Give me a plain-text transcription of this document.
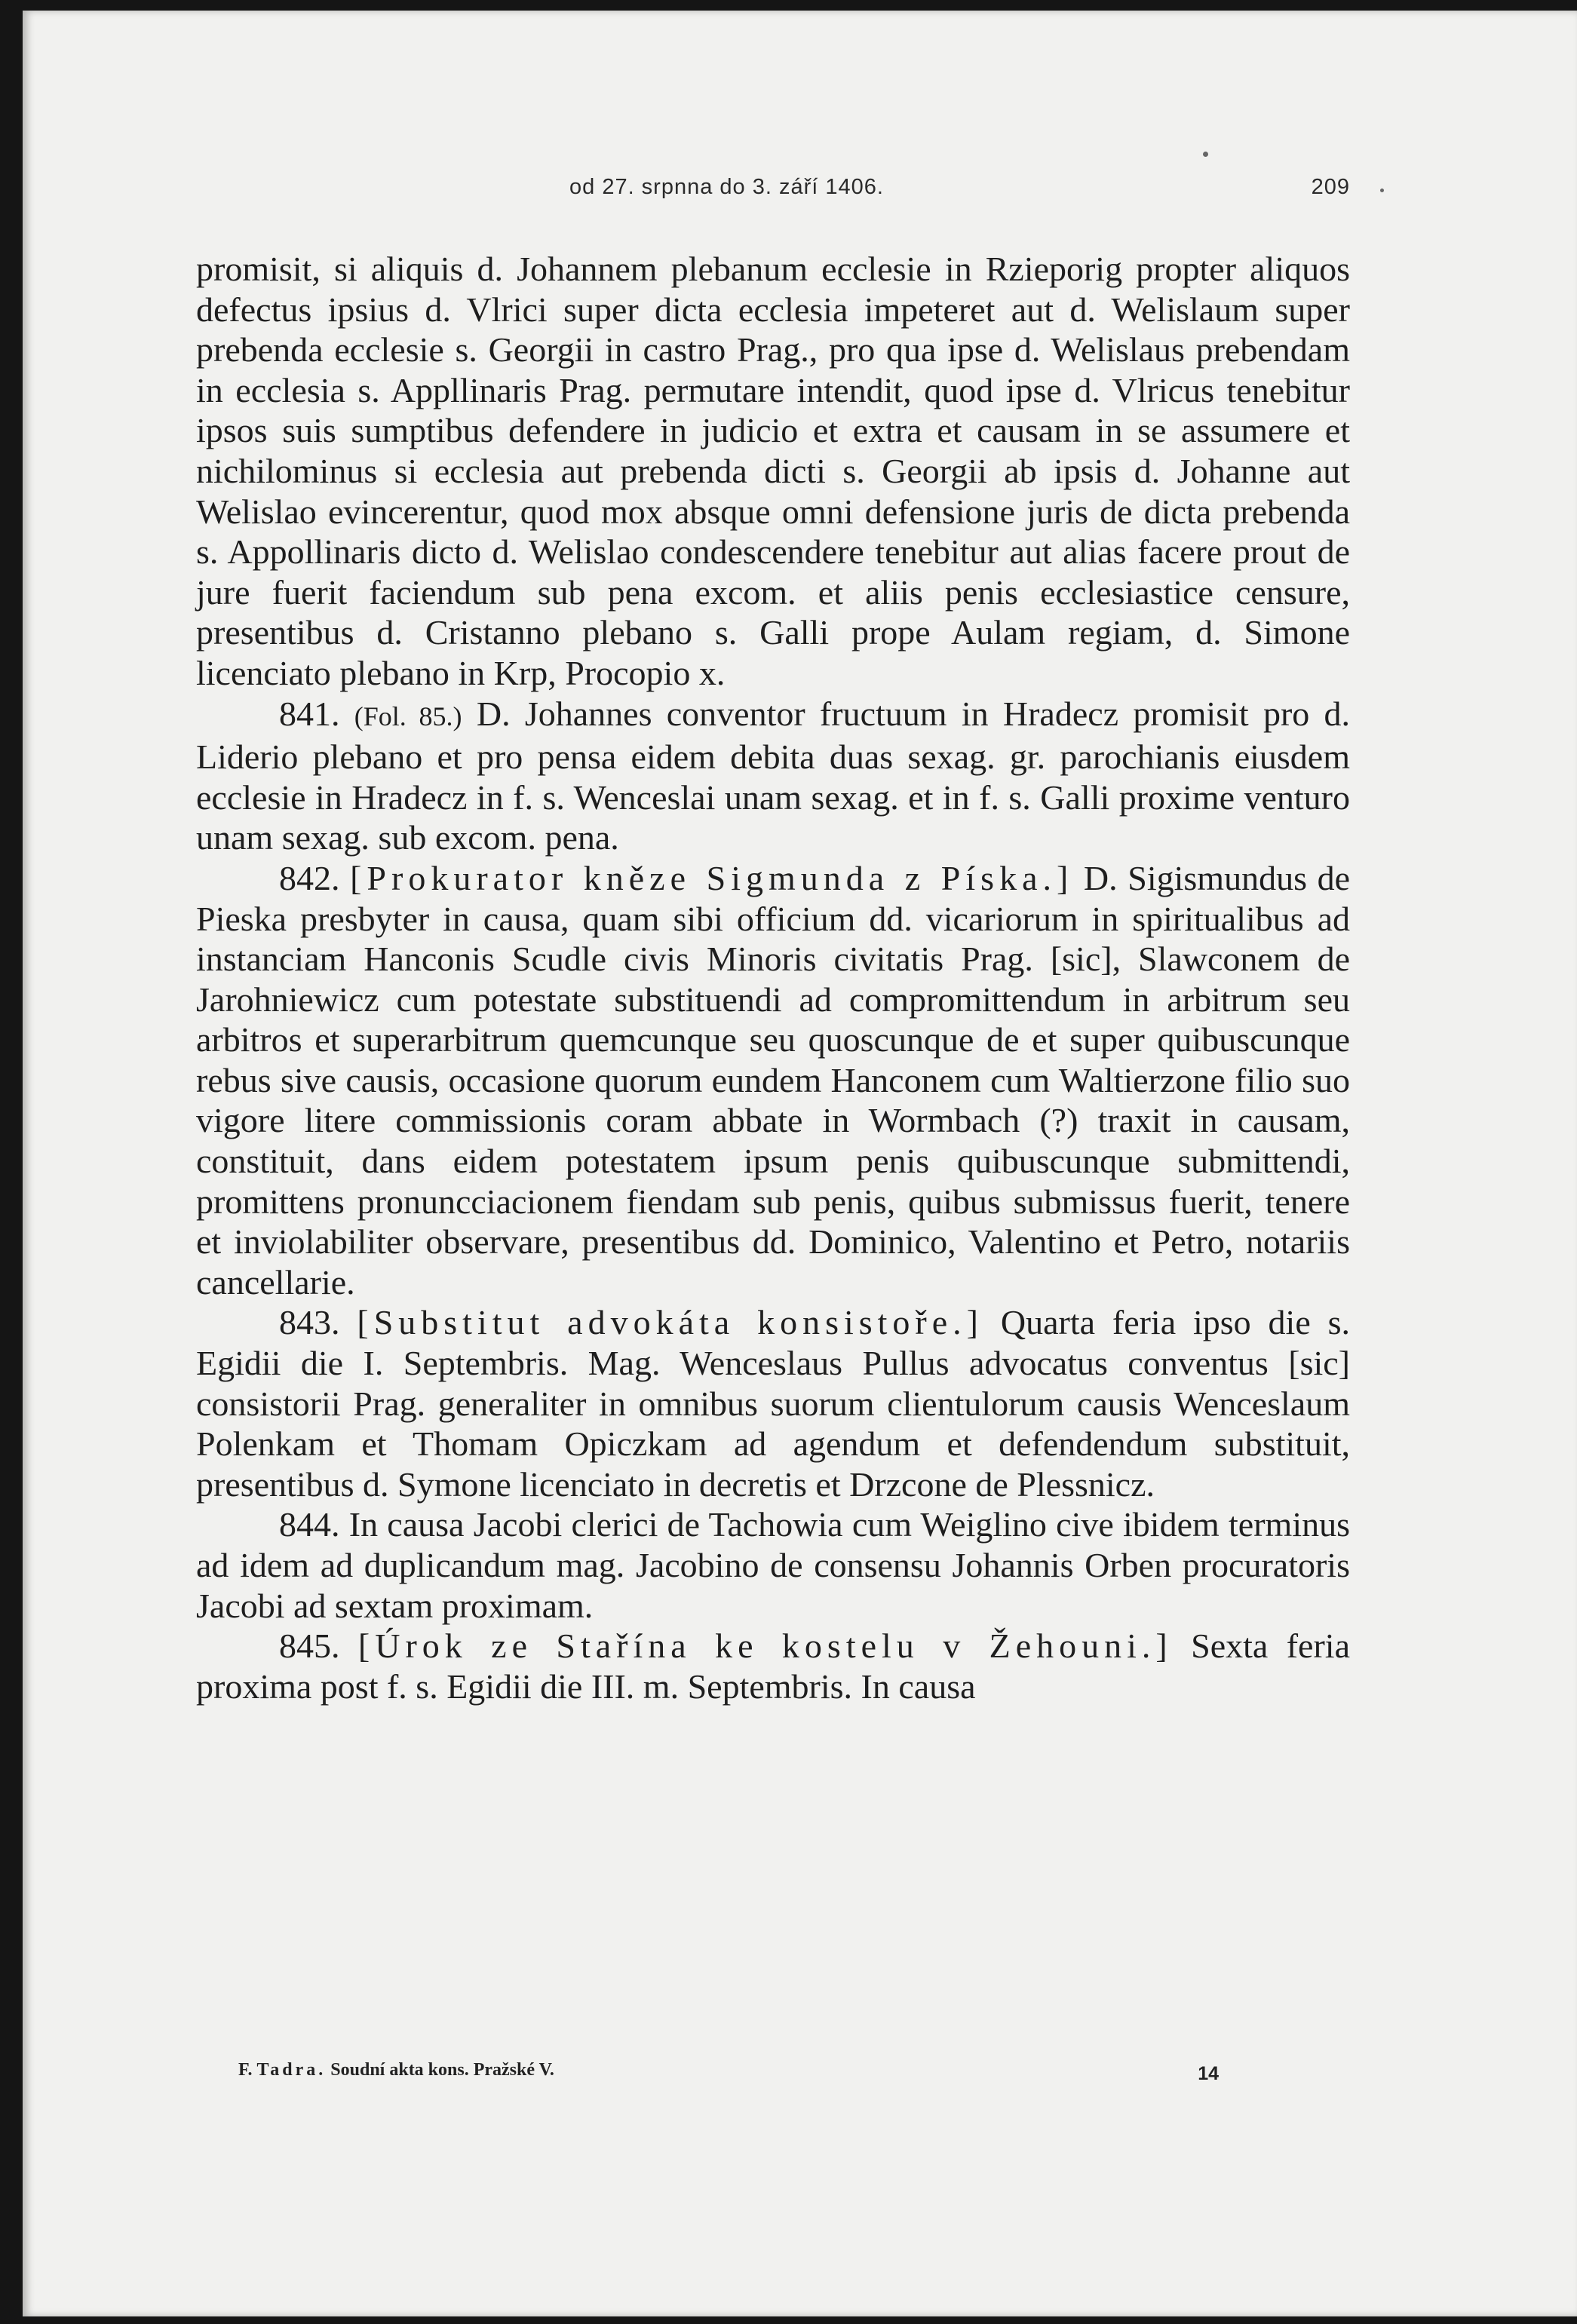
od 27. srpnna do 3. září 1406.	209

promisit, si aliquis d. Johannem plebanum ecclesie in Rzieporig propter aliquos defectus ipsius d. Vlrici super dicta ecclesia impeteret aut d. Welislaum super prebenda ecclesie s. Georgii in castro Prag., pro qua ipse d. Welislaus prebendam in ecclesia s. Appllinaris Prag. permutare intendit, quod ipse d. Vlricus tenebitur ipsos suis sumptibus defendere in judicio et extra et causam in se assumere et nichilominus si ecclesia aut prebenda dicti s. Georgii ab ipsis d. Johanne aut Welislao evincerentur, quod mox absque omni defensione juris de dicta prebenda s. Appollinaris dicto d. Welislao condescendere tenebitur aut alias facere prout de jure fuerit faciendum sub pena excom. et aliis penis ecclesiastice censure, presentibus d. Cristanno plebano s. Galli prope Aulam regiam, d. Simone licenciato plebano in Krp, Procopio x.

841. (Fol. 85.) D. Johannes conventor fructuum in Hradecz promisit pro d. Liderio plebano et pro pensa eidem debita duas sexag. gr. parochianis eiusdem ecclesie in Hradecz in f. s. Wenceslai unam sexag. et in f. s. Galli proxime venturo unam sexag. sub excom. pena.

842. [Prokurator kněze Sigmunda z Píska.] D. Sigismundus de Pieska presbyter in causa, quam sibi officium dd. vicariorum in spiritualibus ad instanciam Hanconis Scudle civis Minoris civitatis Prag. [sic], Slawconem de Jarohniewicz cum potestate substituendi ad compromittendum in arbitrum seu arbitros et superarbitrum quemcunque seu quoscunque de et super quibuscunque rebus sive causis, occasione quorum eundem Hanconem cum Waltierzone filio suo vigore litere commissionis coram abbate in Wormbach (?) traxit in causam, constituit, dans eidem potestatem ipsum penis quibuscunque submittendi, promittens pronuncciacionem fiendam sub penis, quibus submissus fuerit, tenere et inviolabiliter observare, presentibus dd. Dominico, Valentino et Petro, notariis cancellarie.

843. [Substitut advokáta konsistoře.] Quarta feria ipso die s. Egidii die I. Septembris. Mag. Wenceslaus Pullus advocatus conventus [sic] consistorii Prag. generaliter in omnibus suorum clientulorum causis Wenceslaum Polenkam et Thomam Opiczkam ad agendum et defendendum substituit, presentibus d. Symone licenciato in decretis et Drzcone de Plessnicz.

844. In causa Jacobi clerici de Tachowia cum Weiglino cive ibidem terminus ad idem ad duplicandum mag. Jacobino de consensu Johannis Orben procuratoris Jacobi ad sextam proximam.

845. [Úrok ze Stařína ke kostelu v Žehouni.] Sexta feria proxima post f. s. Egidii die III. m. Septembris. In causa

F. Tadra. Soudní akta kons. Pražské V.	14
